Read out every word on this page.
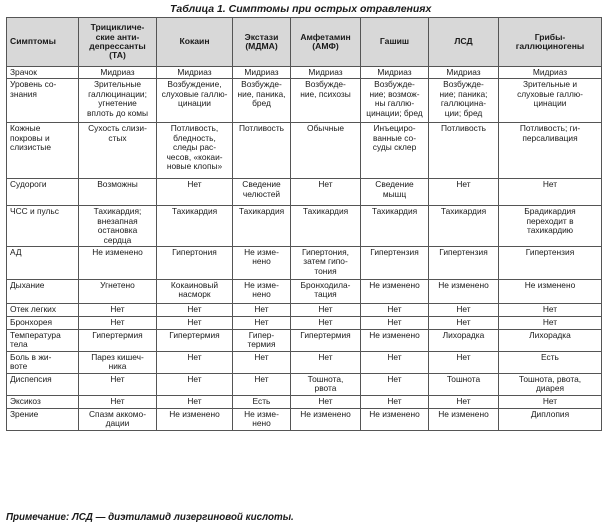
Таблица 1. Симптомы при острых отравлениях
Симптомы	Трицикличе-
ские анти-
депрессанты
(ТА)	Кокаин	Экстази
(МДМА)	Амфетамин
(АМФ)	Гашиш	ЛСД	Грибы-
галлюциногены
Зрачок	Мидриаз	Мидриаз	Мидриаз	Мидриаз	Мидриаз	Мидриаз	Мидриаз
Уровень со-
знания	Зрительные
галлюцинации;
угнетение
вплоть до комы	Возбуждение,
слуховые галлю-
цинации	Возбужде-
ние, паника,
бред	Возбужде-
ние, психозы	Возбужде-
ние; возмож-
ны галлю-
цинации; бред	Возбужде-
ние; паника;
галлюцина-
ции; бред	Зрительные и
слуховые галлю-
цинации
Кожные
покровы и
слизистые	Сухость слизи-
стых	Потливость,
бледность,
следы рас-
чесов, «кокаи-
новые клопы»	Потливость	Обычные	Инъециро-
ванные со-
суды склер	Потливость	Потливость; ги-
персаливация
Судороги	Возможны	Нет	Сведение
челюстей	Нет	Сведение
мышц	Нет	Нет
ЧСС и пульс	Тахикардия;
внезапная
остановка
сердца	Тахикардия	Тахикардия	Тахикардия	Тахикардия	Тахикардия	Брадикардия
переходит в
тахикардию
АД	Не изменено	Гипертония	Не изме-
нено	Гипертония,
затем гипо-
тония	Гипертензия	Гипертензия	Гипертензия
Дыхание	Угнетено	Кокаиновый
насморк	Не изме-
нено	Бронходила-
тация	Не изменено	Не изменено	Не изменено
Отек легких	Нет	Нет	Нет	Нет	Нет	Нет	Нет
Бронхорея	Нет	Нет	Нет	Нет	Нет	Нет	Нет
Температура
тела	Гипертермия	Гипертермия	Гипер-
термия	Гипертермия	Не изменено	Лихорадка	Лихорадка
Боль в жи-
воте	Парез кишеч-
ника	Нет	Нет	Нет	Нет	Нет	Есть
Диспепсия	Нет	Нет	Нет	Тошнота,
рвота	Нет	Тошнота	Тошнота, рвота,
диарея
Эксикоз	Нет	Нет	Есть	Нет	Нет	Нет	Нет
Зрение	Спазм аккомо-
дации	Не изменено	Не изме-
нено	Не изменено	Не изменено	Не изменено	Диплопия
Примечание: ЛСД — диэтиламид лизергиновой кислоты.
